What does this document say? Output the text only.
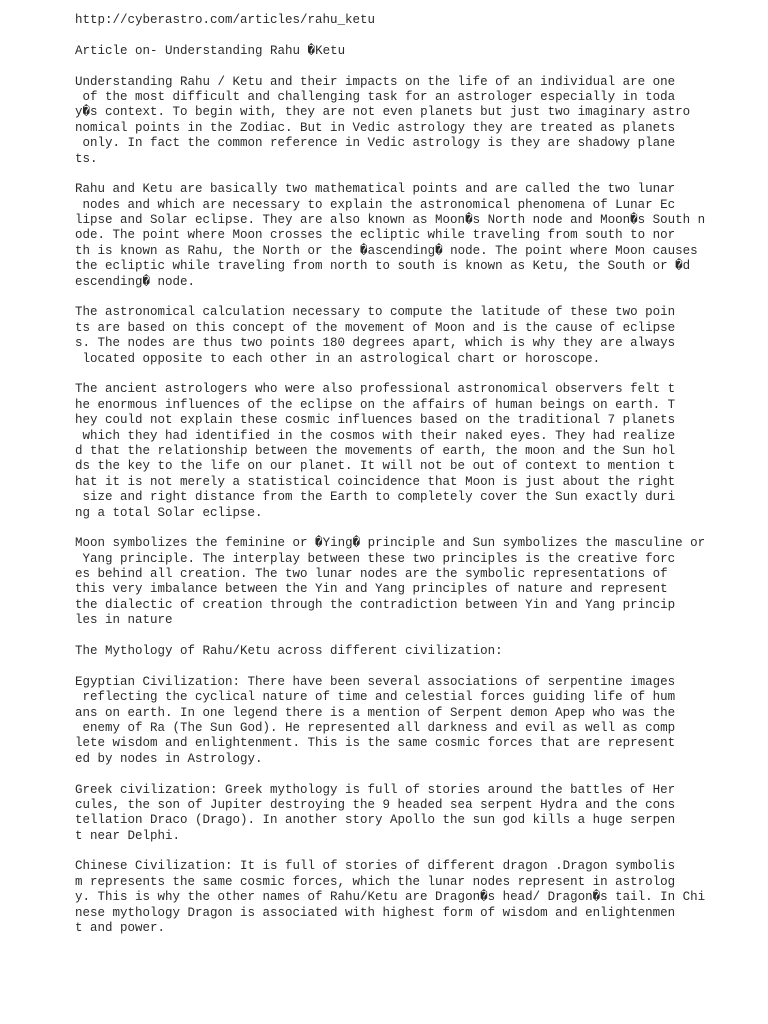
http://cyberastro.com/articles/rahu_ketu
Article on- Understanding Rahu �Ketu
Understanding Rahu / Ketu and their impacts on the life of an individual are one
of the most difficult and challenging task for an astrologer especially in toda
y�s context. To begin with, they are not even planets but just two imaginary astro
nomical points in the Zodiac. But in Vedic astrology they are treated as planets
only. In fact the common reference in Vedic astrology is they are shadowy plane
ts.
Rahu and Ketu are basically two mathematical points and are called the two lunar
nodes and which are necessary to explain the astronomical phenomena of Lunar Ec
lipse and Solar eclipse. They are also known as Moon�s North node and Moon�s South n
ode. The point where Moon crosses the ecliptic while traveling from south to nor
th is known as Rahu, the North or the �ascending� node. The point where Moon causes
the ecliptic while traveling from north to south is known as Ketu, the South or �d
escending� node.
The astronomical calculation necessary to compute the latitude of these two poin
ts are based on this concept of the movement of Moon and is the cause of eclipse
s. The nodes are thus two points 180 degrees apart, which is why they are always
located opposite to each other in an astrological chart or horoscope.
The ancient astrologers who were also professional astronomical observers felt t
he enormous influences of the eclipse on the affairs of human beings on earth. T
hey could not explain these cosmic influences based on the traditional 7 planets
which they had identified in the cosmos with their naked eyes. They had realize
d that the relationship between the movements of earth, the moon and the Sun hol
ds the key to the life on our planet. It will not be out of context to mention t
hat it is not merely a statistical coincidence that Moon is just about the right
size and right distance from the Earth to completely cover the Sun exactly duri
ng a total Solar eclipse.
Moon symbolizes the feminine or �Ying� principle and Sun symbolizes the masculine or
Yang principle. The interplay between these two principles is the creative forc
es behind all creation. The two lunar nodes are the symbolic representations of
this very imbalance between the Yin and Yang principles of nature and represent
the dialectic of creation through the contradiction between Yin and Yang princip
les in nature
The Mythology of Rahu/Ketu across different civilization:
Egyptian Civilization: There have been several associations of serpentine images
reflecting the cyclical nature of time and celestial forces guiding life of hum
ans on earth. In one legend there is a mention of Serpent demon Apep who was the
enemy of Ra (The Sun God). He represented all darkness and evil as well as comp
lete wisdom and enlightenment. This is the same cosmic forces that are represent
ed by nodes in Astrology.
Greek civilization: Greek mythology is full of stories around the battles of Her
cules, the son of Jupiter destroying the 9 headed sea serpent Hydra and the cons
tellation Draco (Drago). In another story Apollo the sun god kills a huge serpen
t near Delphi.
Chinese Civilization: It is full of stories of different dragon .Dragon symbolis
m represents the same cosmic forces, which the lunar nodes represent in astrolog
y. This is why the other names of Rahu/Ketu are Dragon�s head/ Dragon�s tail. In Chi
nese mythology Dragon is associated with highest form of wisdom and enlightenmen
t and power.
